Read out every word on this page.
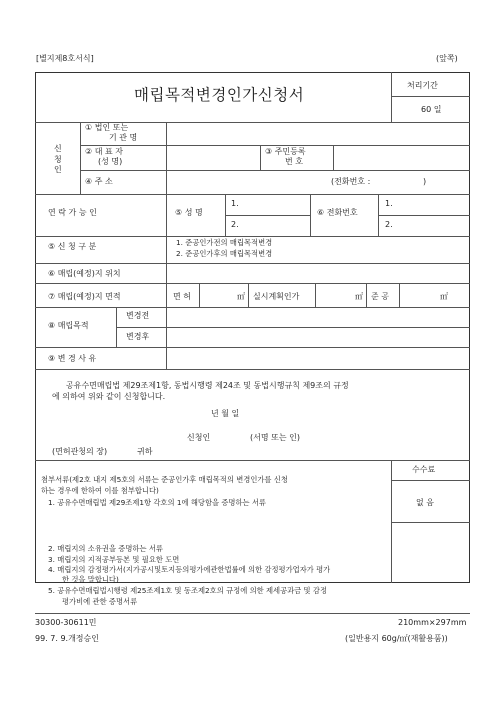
[별지제8호서식]	(앞쪽)
매립목적변경인가신청서
처리기간
60 일
신청인
① 법인 또는
기 관 명
② 대 표 자
(성 명)
③ 주민등록
번 호
④ 주 소	(전화번호 :	)
연 락 가 능 인	⑤ 성 명
1.
2.
⑥ 전화번호
1.
2.
⑤ 신 청 구 분	1. 준공인가전의 매립목적변경
2. 준공인가후의 매립목적변경
⑥ 매립(예정)지 위치
⑦ 매립(예정)지 면적	면 허	㎡ 실시계획인가	㎡ 준 공	㎡
⑧ 매립목적
변경전
변경후
⑨ 변 경 사 유
공유수면매립법 제29조제1항, 동법시행령 제24조 및 동법시행규칙 제9조의 규정
에 의하여 위와 같이 신청합니다.
년 월 일
신청인	(서명 또는 인)
(면허관청의 장)	귀하
수수료
없 음
첨부서류(제2호 내지 제5호의 서류는 준공인가후 매립목적의 변경인가를 신청
하는 경우에 한하여 이를 첨부합니다)
1. 공유수면매립법 제29조제1항 각호의 1에 해당함을 증명하는 서류
2. 매립지의 소유권을 증명하는 서류
3. 매립지의 지적공부등본 및 필요한 도면
4. 매립지의 감정평가서(지가공시및토지등의평가에관한법률에 의한 감정평가업자가 평가
한 것을 말합니다)
5. 공유수면매립법시행령 제25조제1호 및 동조제2호의 규정에 의한 제세공과금 및 감정
평가비에 관한 증명서류
30300-30611민	210mm×297mm
99. 7. 9.개정승인	(일반용지 60g/㎡(재활용품))
